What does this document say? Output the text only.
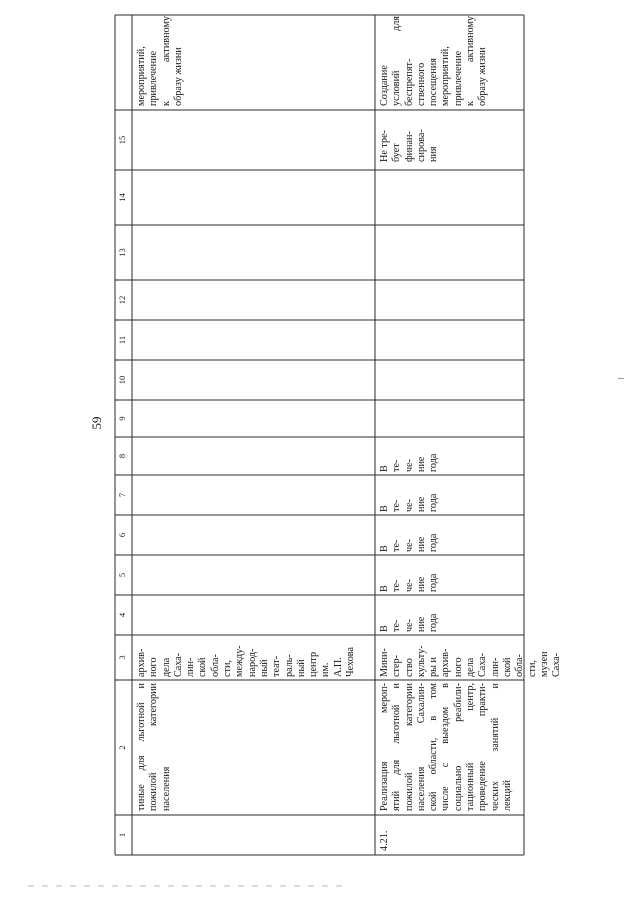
59
1
2
3
4
5
6
7
8
9
10
11
12
13
14
15
тиные для льготной и пожилой категории населения
архив- ного дела Саха- лин- ской обла- сти, между- народ- ный теат- раль- ный центр им. А.П. Чехова
мероприятий, привлечение к активному образу жизни
4.21.
Реализация мероп- ятий для льготной и пожилой категории населения Сахалин- ской области, в том числе с выездом в социально реабили- тационный центр, проведение практи- ческих занятий и лекций
Мини- стер- ство культу- ры и архив- ного дела Саха- лин- ской обла- сти, музеи Саха-
В те- че- ние года
В те- че- ние года
В те- че- ние года
В те- че- ние года
В те- че- ние года
Не тре- бует финан- сирова- ния
Создание условий для беспрепят- ственного посещения мероприятий, привлечение к активному образу жизни
